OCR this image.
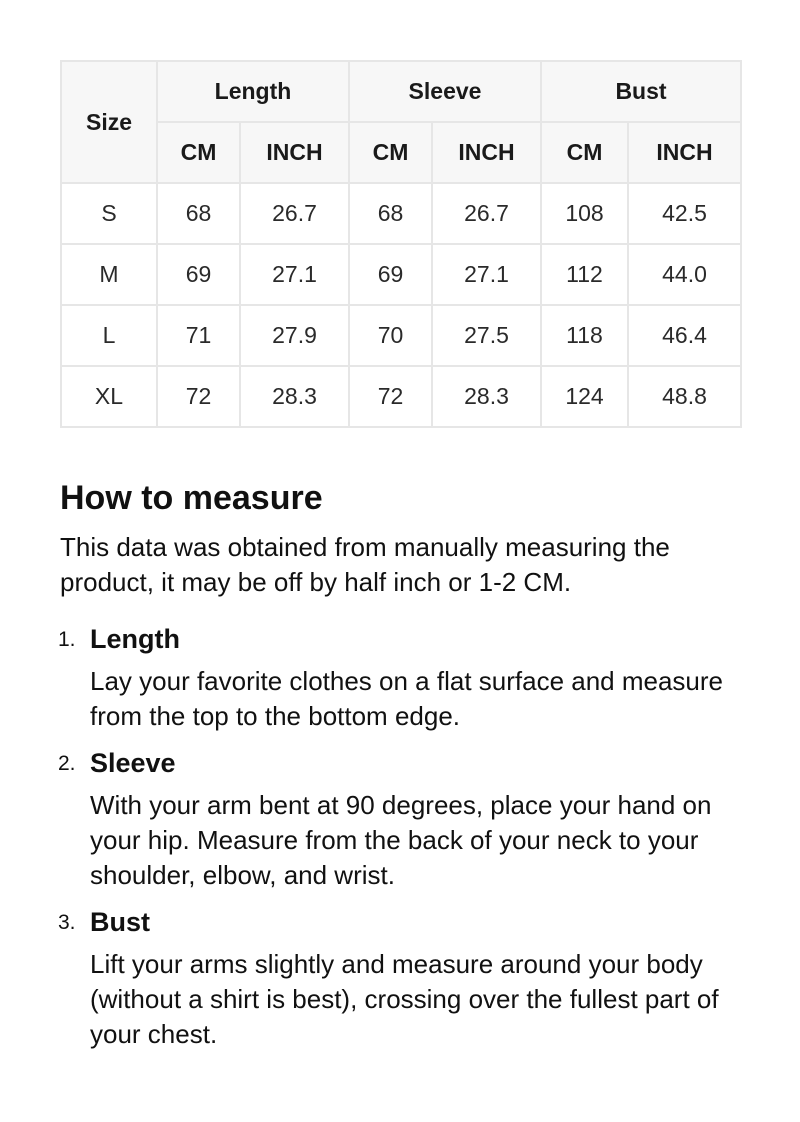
Size	Length		Sleeve		Bust	
	CM	INCH	CM	INCH	CM	INCH
S	68	26.7	68	26.7	108	42.5
M	69	27.1	69	27.1	112	44.0
L	71	27.9	70	27.5	118	46.4
XL	72	28.3	72	28.3	124	48.8
How to measure

This data was obtained from manually measuring the product, it may be off by half inch or 1-2 CM.

1. Length
Lay your favorite clothes on a flat surface and measure from the top to the bottom edge.
2. Sleeve
With your arm bent at 90 degrees, place your hand on your hip. Measure from the back of your neck to your shoulder, elbow, and wrist.
3. Bust
Lift your arms slightly and measure around your body (without a shirt is best), crossing over the fullest part of your chest.
